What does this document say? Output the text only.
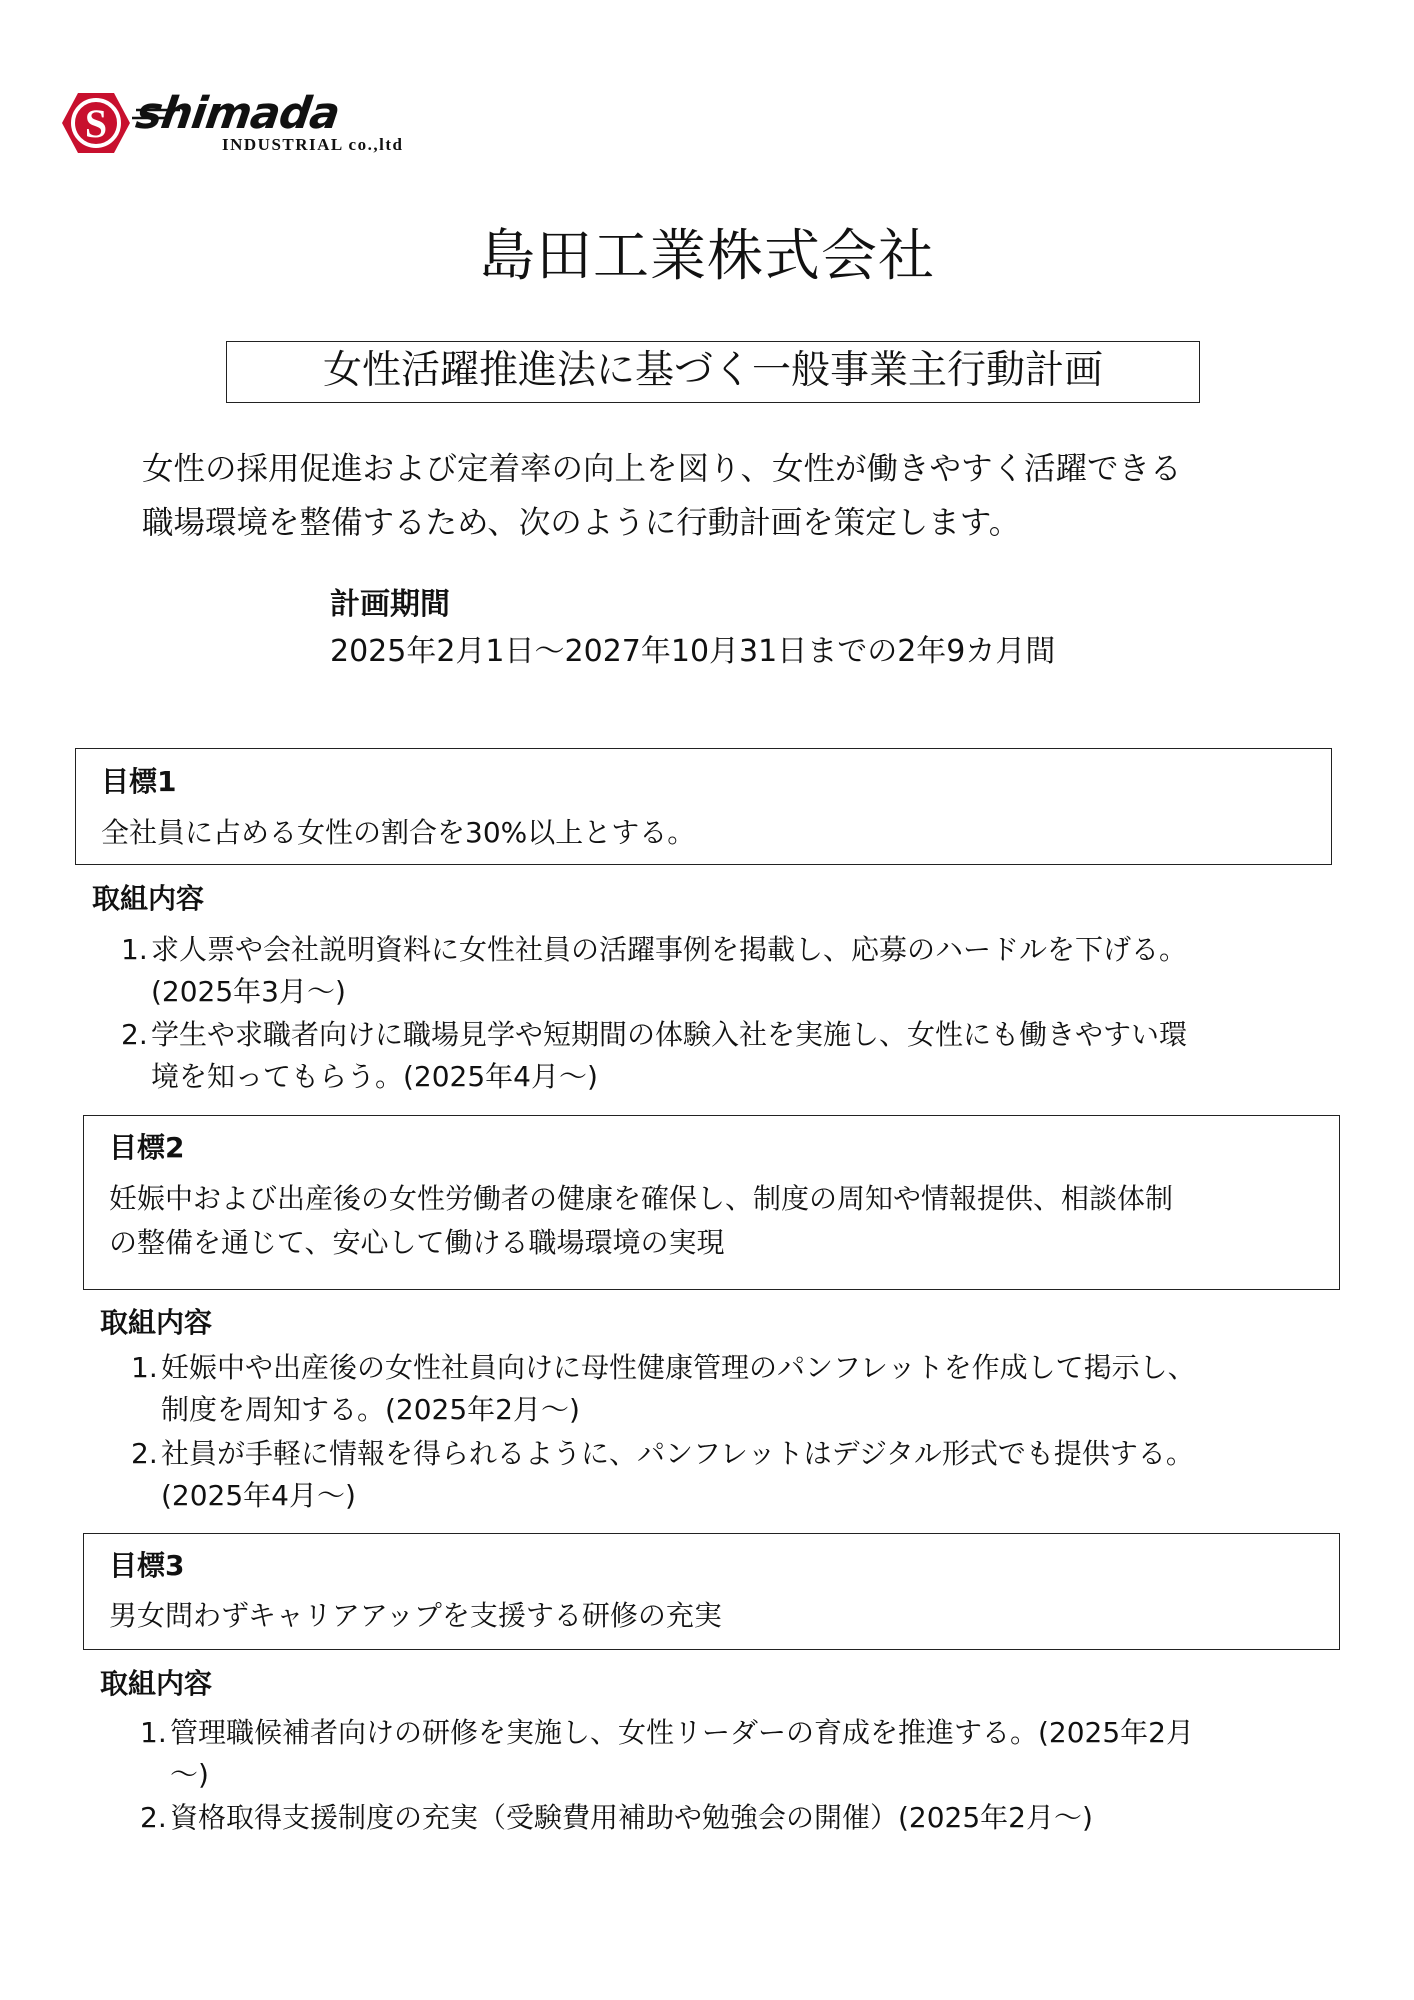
S shimada
INDUSTRIAL co.,ltd
島田工業株式会社
女性活躍推進法に基づく一般事業主行動計画

女性の採用促進および定着率の向上を図り、女性が働きやすく活躍できる

職場環境を整備するため、次のように行動計画を策定します。

計画期間
2025年2月1日～2027年10月31日までの2年9カ月間
目標1
全社員に占める女性の割合を30%以上とする。
取組内容
1. 求人票や会社説明資料に女性社員の活躍事例を掲載し、応募のハードルを下げる。
(2025年3月～)
2. 学生や求職者向けに職場見学や短期間の体験入社を実施し、女性にも働きやすい環
境を知ってもらう。(2025年4月～)
目標2
妊娠中および出産後の女性労働者の健康を確保し、制度の周知や情報提供、相談体制
の整備を通じて、安心して働ける職場環境の実現
取組内容
1. 妊娠中や出産後の女性社員向けに母性健康管理のパンフレットを作成して掲示し、
制度を周知する。(2025年2月～)
2. 社員が手軽に情報を得られるように、パンフレットはデジタル形式でも提供する。
(2025年4月～)
目標3
男女問わずキャリアアップを支援する研修の充実
取組内容
1. 管理職候補者向けの研修を実施し、女性リーダーの育成を推進する。(2025年2月
～)
2. 資格取得支援制度の充実（受験費用補助や勉強会の開催）(2025年2月～)
